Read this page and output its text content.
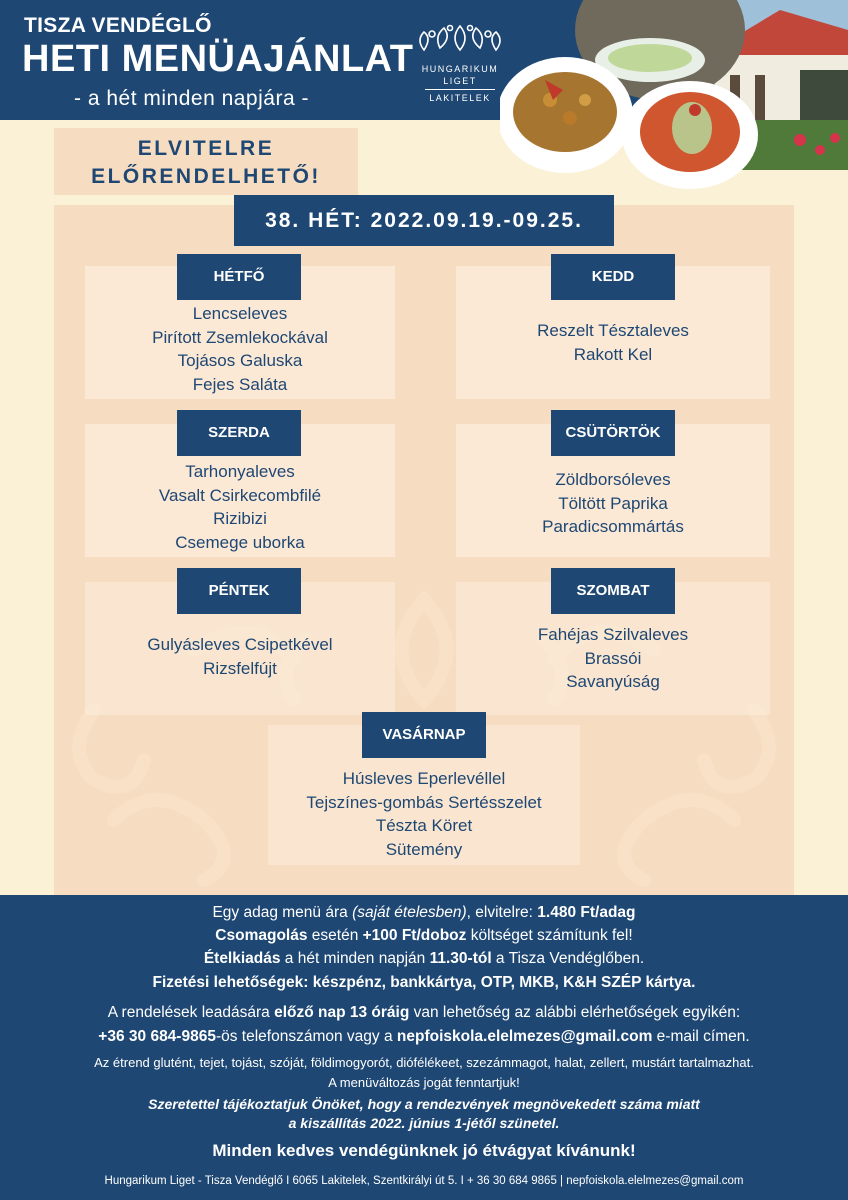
TISZA VENDÉGLŐ
HETI MENÜAJÁNLAT
- a hét minden napjára -
HUNGARIKUM LIGET
LAKITELEK
ELVITELRE
ELŐRENDELHETŐ!
38. HÉT: 2022.09.19.-09.25.
HÉTFŐ
Lencseleves
Pirított Zsemlekockával
Tojásos Galuska
Fejes Saláta
KEDD
Reszelt Tésztaleves
Rakott Kel
SZERDA
Tarhonyaleves
Vasalt Csirkecombfilé
Rizibizi
Csemege uborka
CSÜTÖRTÖK
Zöldborsóleves
Töltött Paprika
Paradicsommártás
PÉNTEK
Gulyásleves Csipetkével
Rizsfelfújt
SZOMBAT
Fahéjas Szilvaleves
Brassói
Savanyúság
VASÁRNAP
Húsleves Eperlevéllel
Tejszínes-gombás Sertésszelet
Tészta Köret
Sütemény
Egy adag menü ára (saját ételesben), elvitelre: 1.480 Ft/adag
Csomagolás esetén +100 Ft/doboz költséget számítunk fel!
Ételkiadás a hét minden napján 11.30-tól a Tisza Vendéglőben.
Fizetési lehetőségek: készpénz, bankkártya, OTP, MKB, K&H SZÉP kártya.
A rendelések leadására előző nap 13 óráig van lehetőség az alábbi elérhetőségek egyikén:
+36 30 684-9865-ös telefonszámon vagy a nepfoiskola.elelmezes@gmail.com e-mail címen.
Az étrend glutént, tejet, tojást, szóját, földimogyorót, diófélékeet, szezámmagot, halat, zellert, mustárt tartalmazhat.
A menüváltozás jogát fenntartjuk!
Szeretettel tájékoztatjuk Önöket, hogy a rendezvények megnövekedett száma miatt
a kiszállítás 2022. június 1-jétől szünetel.
Minden kedves vendégünknek jó étvágyat kívánunk!
Hungarikum Liget - Tisza Vendéglő I 6065 Lakitelek, Szentkirályi út 5. I + 36 30 684 9865 | nepfoiskola.elelmezes@gmail.com
